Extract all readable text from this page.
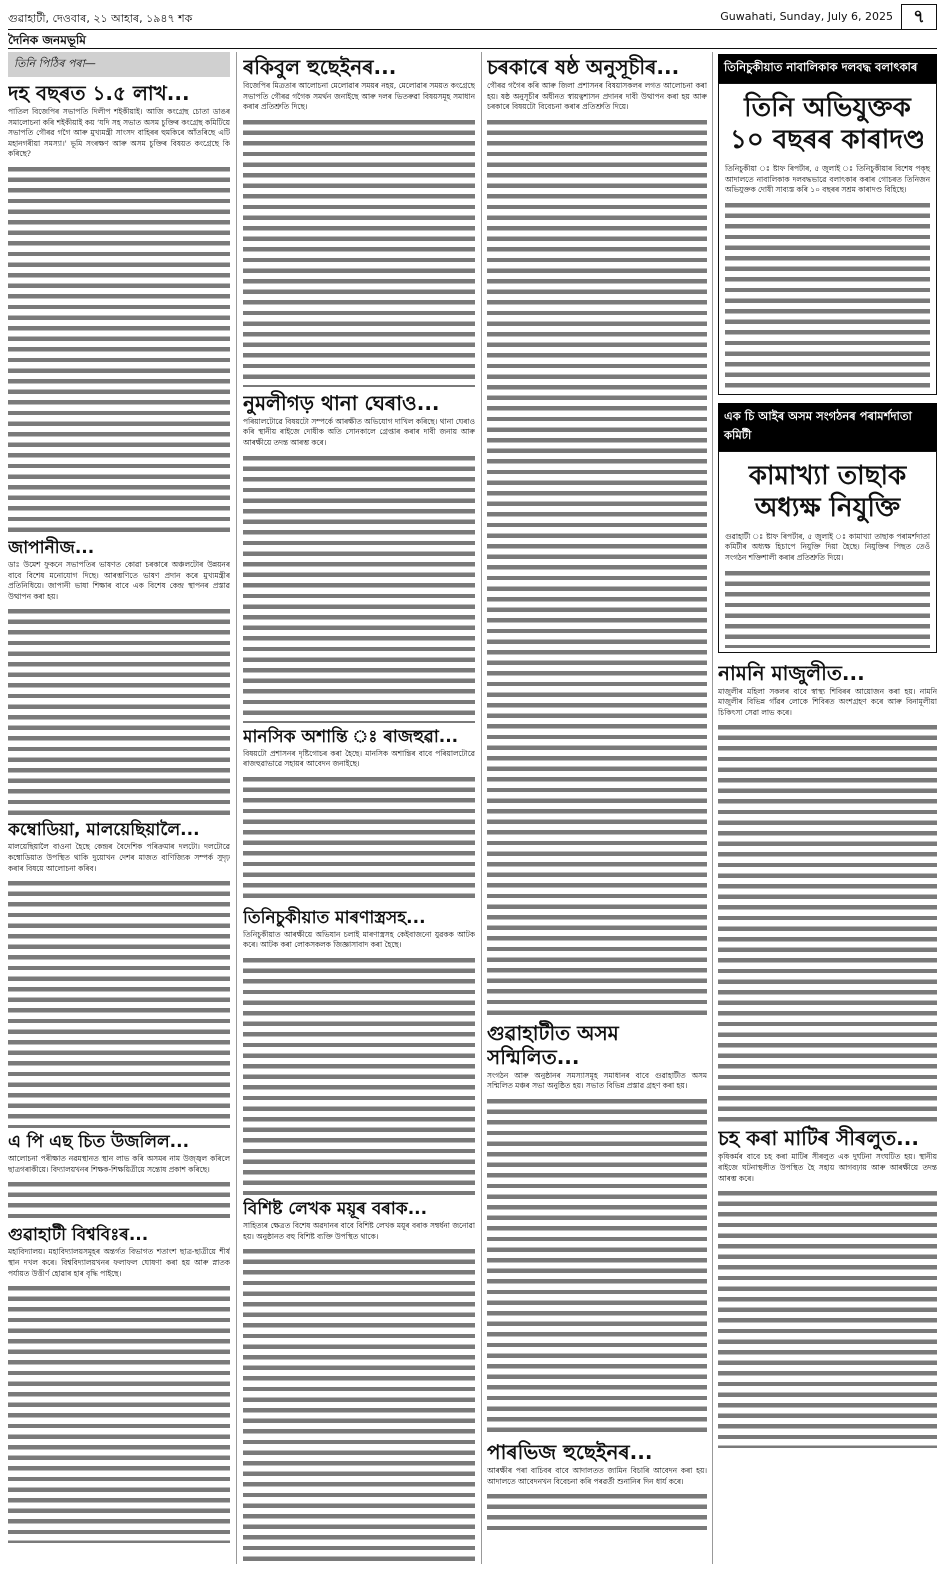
গুৱাহাটী, দেওবাৰ, ২১ আহাৰ, ১৯৪৭ শক	Guwahati, Sunday, July 6, 2025	৭
দৈনিক জনমভূমি
তিনি পিঠিৰ পৰা—
দহ বছৰত ১.৫ লাখ...

পাতিল বিজেপিৰ সভাপতি দিলীপ শইকীয়াই। আজি কংগ্ৰেছ চোতা ডাঙৰ সমালোচনা কৰি শইকীয়াই কয় ‘যদি সহ সভাত অসম চুক্তিৰ কংগ্ৰেছ কমিটিয়ে সভাপতি গৌৰৱ গগৈ আৰু মুখ্যমন্ত্ৰী সাংসদ বাহিৰৰ হুমকিৰে আঁতৰিছে এটি মহানগৰীয়া সমস্যা।' ভূমি সংৰক্ষণ আৰু অসম চুক্তিৰ বিষয়ত কংগ্ৰেছে কি কৰিছে?

জাপানীজ...

ডাঃ উমেশ ফুকনে সভাপতিৰ ভাষণত কোৱা চৰকাৰে অঞ্চলটোৰ উন্নয়নৰ বাবে বিশেষ মনোযোগ দিছে। আৰম্ভণিতে ভাষণ প্ৰদান কৰে মুখ্যমন্ত্ৰীৰ প্ৰতিনিধিয়ে। জাপানী ভাষা শিক্ষাৰ বাবে এক বিশেষ কেন্দ্ৰ স্থাপনৰ প্ৰস্তাৱ উত্থাপন কৰা হয়।

কম্বোডিয়া, মালয়েছিয়ালৈ...

মালয়েছিয়ালৈ বাওনা হৈছে কেন্দ্ৰৰ বৈদেশিক পৰিক্ৰমাৰ দলটো। দলটোৱে কম্বোডিয়াত উপস্থিত থাকি দুয়োখন দেশৰ মাজত বাণিজ্যিক সম্পৰ্ক সুদৃঢ় কৰাৰ বিষয়ে আলোচনা কৰিব।

এ পি এছ চিত উজলিল...

আলোচনা পৰীক্ষাত নৱমস্থানত স্থান লাভ কৰি অসমৰ নাম উজ্জ্বল কৰিলে ছাত্ৰগৰাকীয়ে। বিদ্যালয়খনৰ শিক্ষক-শিক্ষয়িত্ৰীয়ে সন্তোষ প্ৰকাশ কৰিছে।

গুৱাহাটী বিশ্ববিঃৰ...

মহাবিদ্যালয়। মহাবিদ্যালয়সমূহৰ অন্তৰ্গত বিভাগত শতাংশ ছাত্ৰ-ছাত্ৰীয়ে শীৰ্ষ স্থান দখল কৰে। বিশ্ববিদ্যালয়খনৰ ফলাফল ঘোষণা কৰা হয় আৰু স্নাতক পৰ্যায়ত উত্তীৰ্ণ হোৱাৰ হাৰ বৃদ্ধি পাইছে।

ৰকিবুল হুছেইনৰ...

বিজেপিৰ মিত্ৰতাৰ আলোচনা মেলোৱাৰ সময়ৰ নহয়, মেলোৱাৰ সময়ত কংগ্ৰেছে সভাপতি গৌৰৱ গগৈক সমৰ্থন জনাইছে আৰু দলৰ ভিতৰুৱা বিষয়সমূহ সমাধান কৰাৰ প্ৰতিশ্ৰুতি দিছে।

নুমলীগড় থানা ঘেৰাও...

পৰিয়ালটোৱে বিষয়টো সম্পৰ্কে আৰক্ষীত অভিযোগ দাখিল কৰিছে। থানা ঘেৰাও কৰি স্থানীয় ৰাইজে দোষীক অতি সোনকালে গ্ৰেপ্তাৰ কৰাৰ দাবী জনায় আৰু আৰক্ষীয়ে তদন্ত আৰম্ভ কৰে।

মানসিক অশান্তি ঃ ৰাজহুৱা...

বিষয়টো প্ৰশাসনৰ দৃষ্টিগোচৰ কৰা হৈছে। মানসিক অশান্তিৰ বাবে পৰিয়ালটোৱে ৰাজহুৱাভাৱে সহায়ৰ আবেদন জনাইছে।

তিনিচুকীয়াত মাৰণাস্ত্ৰসহ...

তিনিচুকীয়াত আৰক্ষীয়ে অভিযান চলাই মাৰণাস্ত্ৰসহ কেইবাজনো যুৱকক আটক কৰে। আটক কৰা লোকসকলক জিজ্ঞাসাবাদ কৰা হৈছে।

বিশিষ্ট লেখক ময়ূৰ বৰাক...

সাহিত্যৰ ক্ষেত্ৰত বিশেষ অৱদানৰ বাবে বিশিষ্ট লেখক ময়ূৰ বৰাক সম্বৰ্ধনা জনোৱা হয়। অনুষ্ঠানত বহু বিশিষ্ট ব্যক্তি উপস্থিত থাকে।

চৰকাৰে ষষ্ঠ অনুসূচীৰ...

গৌৰৱ গগৈৰ কৰি আৰু জিলা প্ৰশাসনৰ বিষয়াসকলৰ লগত আলোচনা কৰা হয়। ষষ্ঠ অনুসূচীৰ অধীনত স্বায়ত্বশাসন প্ৰদানৰ দাবী উত্থাপন কৰা হয় আৰু চৰকাৰে বিষয়টো বিবেচনা কৰাৰ প্ৰতিশ্ৰুতি দিয়ে।

গুৱাহাটীত অসম সন্মিলিত...

সংগঠন আৰু অনুষ্ঠানৰ সমস্যাসমূহ সমাধানৰ বাবে গুৱাহাটীত অসম সন্মিলিত মঞ্চৰ সভা অনুষ্ঠিত হয়। সভাত বিভিন্ন প্ৰস্তাৱ গ্ৰহণ কৰা হয়।

পাৰভিজ হুছেইনৰ...

আৰক্ষীৰ পৰা বাচিবৰ বাবে আদালতত জামিন বিচাৰি আবেদন কৰা হয়। আদালতে আবেদনখন বিবেচনা কৰি পৰৱৰ্তী শুনানিৰ দিন ধাৰ্য কৰে।

তিনিচুকীয়াত নাবালিকাক দলবদ্ধ বলাৎকাৰ
তিনি অভিযুক্তক ১০ বছৰৰ কাৰাদণ্ড

তিনিচুকীয়া ঃ ষ্টাফ ৰিপৰ্টাৰ, ৫ জুলাই ঃ তিনিচুকীয়াৰ বিশেষ পক্‌ছ আদালতে নাবালিকাক দলবদ্ধভাৱে বলাৎকাৰ কৰাৰ গোচৰত তিনিজন অভিযুক্তক দোষী সাব্যস্ত কৰি ১০ বছৰৰ সশ্ৰম কাৰাদণ্ড বিহিছে।

এক চি আইৰ অসম সংগঠনৰ পৰামৰ্শদাতা কমিটী
কামাখ্যা তাছাক অধ্যক্ষ নিযুক্তি

গুৱাহাটী ঃ ষ্টাফ ৰিপৰ্টাৰ, ৫ জুলাই ঃ কামাখ্যা তাছাক পৰামৰ্শদাতা কমিটীৰ অধ্যক্ষ হিচাপে নিযুক্তি দিয়া হৈছে। নিযুক্তিৰ পিছত তেওঁ সংগঠন শক্তিশালী কৰাৰ প্ৰতিশ্ৰুতি দিয়ে।

নামনি মাজুলীত...

মাজুলীৰ মহিলা সকলৰ বাবে স্বাস্থ্য শিবিৰৰ আয়োজন কৰা হয়। নামনি মাজুলীৰ বিভিন্ন গাঁৱৰ লোকে শিবিৰত অংশগ্ৰহণ কৰে আৰু বিনামূলীয়া চিকিৎসা সেৱা লাভ কৰে।

চহ কৰা মাটিৰ সীৰলুত...

কৃষিকৰ্মৰ বাবে চহ কৰা মাটিৰ সীৰলুত এক দুৰ্ঘটনা সংঘটিত হয়। স্থানীয় ৰাইজে ঘটনাস্থলীত উপস্থিত হৈ সহায় আগবঢ়ায় আৰু আৰক্ষীয়ে তদন্ত আৰম্ভ কৰে।
